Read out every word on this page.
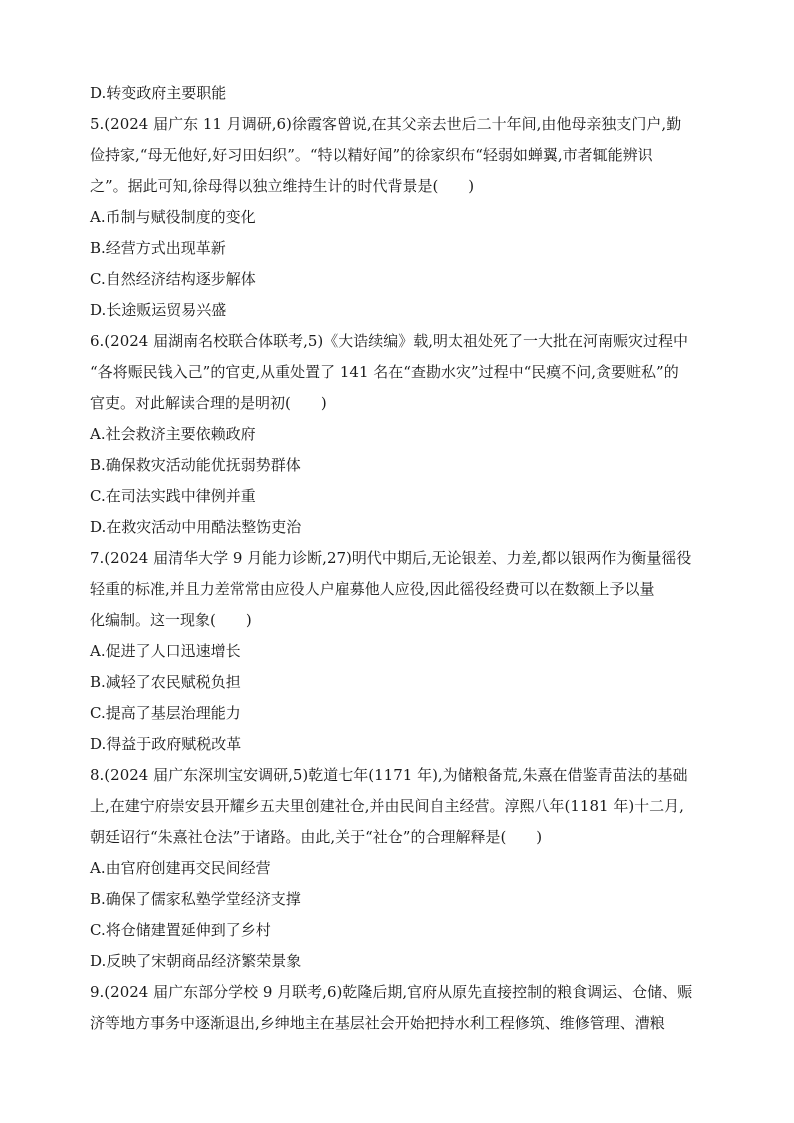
D.转变政府主要职能
5.(2024 届广东 11 月调研,6)徐霞客曾说,在其父亲去世后二十年间,由他母亲独支门户,勤
俭持家,“母无他好,好习田妇织”。“特以精好闻”的徐家织布“轻弱如蝉翼,市者辄能辨识
之”。据此可知,徐母得以独立维持生计的时代背景是(　　)
A.币制与赋役制度的变化
B.经营方式出现革新
C.自然经济结构逐步解体
D.长途贩运贸易兴盛
6.(2024 届湖南名校联合体联考,5)《大诰续编》载,明太祖处死了一大批在河南赈灾过程中
“各将赈民钱入己”的官吏,从重处置了 141 名在“查勘水灾”过程中“民瘼不问,贪要赃私”的
官吏。对此解读合理的是明初(　　)
A.社会救济主要依赖政府
B.确保救灾活动能优抚弱势群体
C.在司法实践中律例并重
D.在救灾活动中用酷法整饬吏治
7.(2024 届清华大学 9 月能力诊断,27)明代中期后,无论银差、力差,都以银两作为衡量徭役
轻重的标准,并且力差常常由应役人户雇募他人应役,因此徭役经费可以在数额上予以量
化编制。这一现象(　　)
A.促进了人口迅速增长
B.减轻了农民赋税负担
C.提高了基层治理能力
D.得益于政府赋税改革
8.(2024 届广东深圳宝安调研,5)乾道七年(1171 年),为储粮备荒,朱熹在借鉴青苗法的基础
上,在建宁府崇安县开耀乡五夫里创建社仓,并由民间自主经营。淳熙八年(1181 年)十二月,
朝廷诏行“朱熹社仓法”于诸路。由此,关于“社仓”的合理解释是(　　)
A.由官府创建再交民间经营
B.确保了儒家私塾学堂经济支撑
C.将仓储建置延伸到了乡村
D.反映了宋朝商品经济繁荣景象
9.(2024 届广东部分学校 9 月联考,6)乾隆后期,官府从原先直接控制的粮食调运、仓储、赈
济等地方事务中逐渐退出,乡绅地主在基层社会开始把持水利工程修筑、维修管理、漕粮
